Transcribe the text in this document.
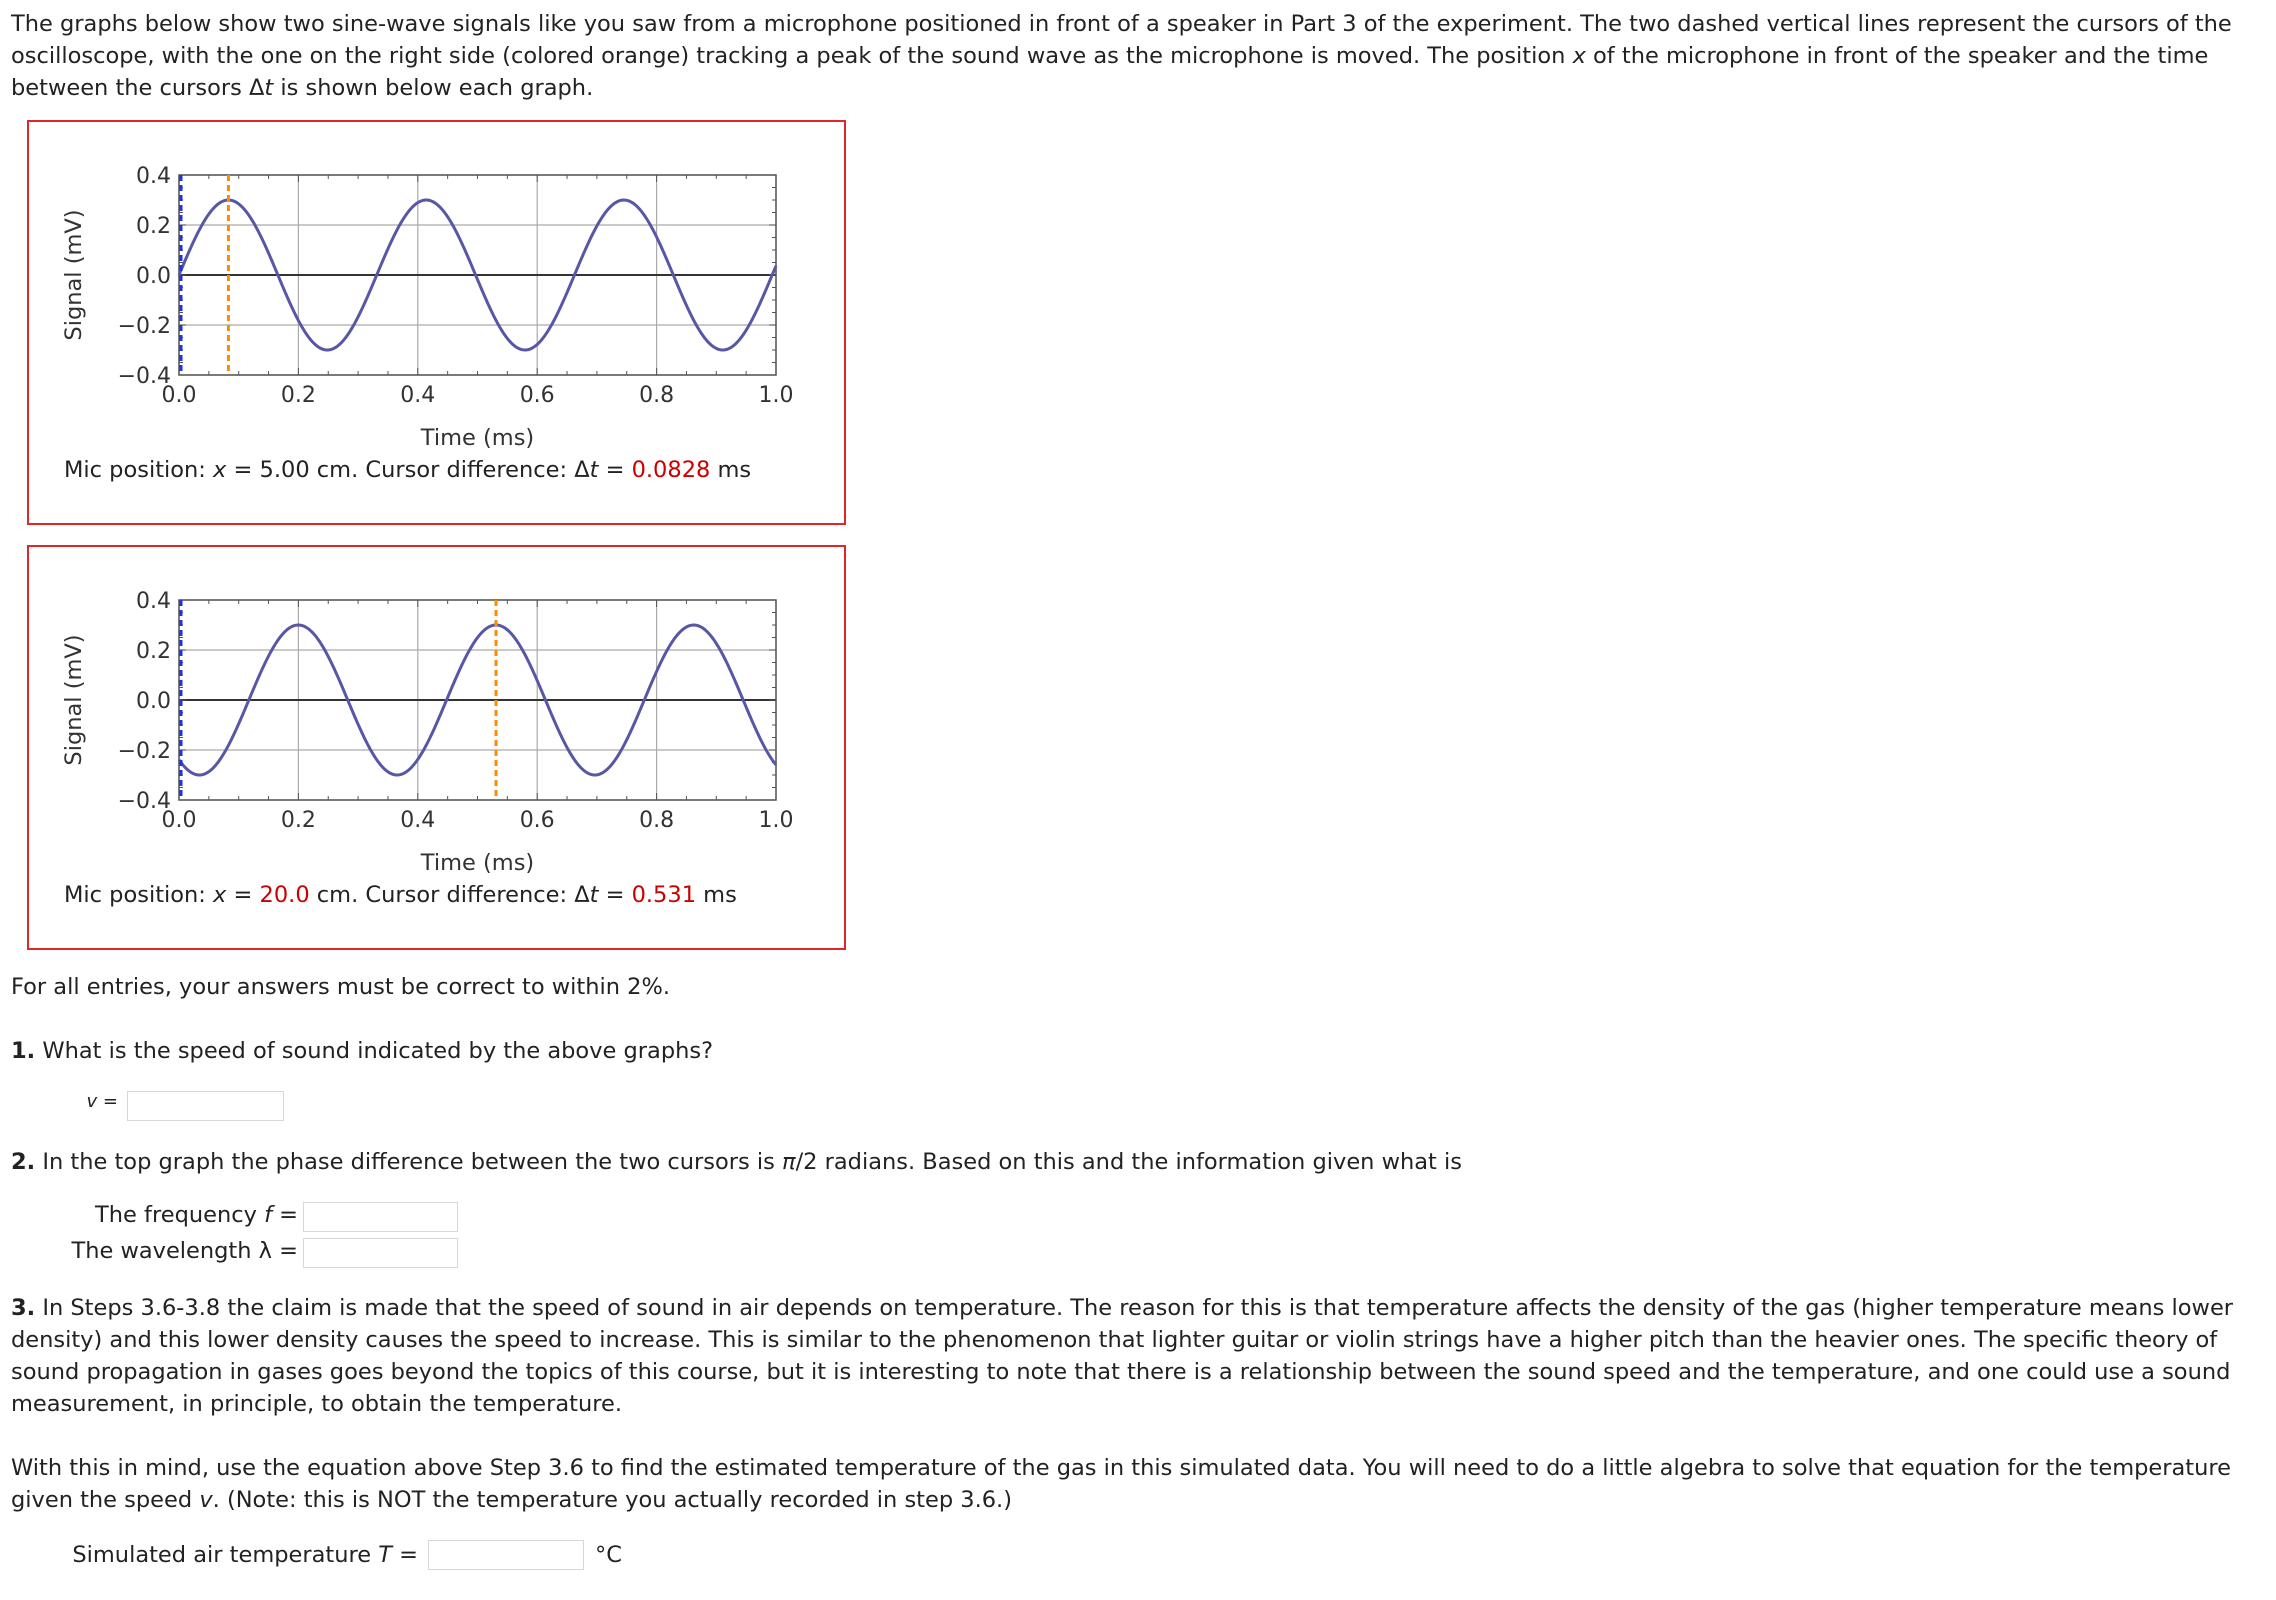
The graphs below show two sine-wave signals like you saw from a microphone positioned in front of a speaker in Part 3 of the experiment. The two dashed vertical lines represent the cursors of the oscilloscope, with the one on the right side (colored orange) tracking a peak of the sound wave as the microphone is moved. The position x of the microphone in front of the speaker and the time between the cursors Δt is shown below each graph.

0.0	0.2	0.4	0.6	0.8	1.0
0.4
0.2
0.0
−0.2
−0.4
Time (ms)
Signal (mV)
Mic position: x = 5.00 cm. Cursor difference: Δt = 0.0828 ms
0.0	0.2	0.4	0.6	0.8	1.0
0.4
0.2
0.0
−0.2
−0.4
Time (ms)
Signal (mV)
Mic position: x = 20.0 cm. Cursor difference: Δt = 0.531 ms

For all entries, your answers must be correct to within 2%.

1. What is the speed of sound indicated by the above graphs?

v =

2. In the top graph the phase difference between the two cursors is π/2 radians. Based on this and the information given what is

The frequency f =
The wavelength λ =

3. In Steps 3.6-3.8 the claim is made that the speed of sound in air depends on temperature. The reason for this is that temperature affects the density of the gas (higher temperature means lower density) and this lower density causes the speed to increase. This is similar to the phenomenon that lighter guitar or violin strings have a higher pitch than the heavier ones. The specific theory of sound propagation in gases goes beyond the topics of this course, but it is interesting to note that there is a relationship between the sound speed and the temperature, and one could use a sound measurement, in principle, to obtain the temperature.

With this in mind, use the equation above Step 3.6 to find the estimated temperature of the gas in this simulated data. You will need to do a little algebra to solve that equation for the temperature given the speed v. (Note: this is NOT the temperature you actually recorded in step 3.6.)

Simulated air temperature T =	°C
